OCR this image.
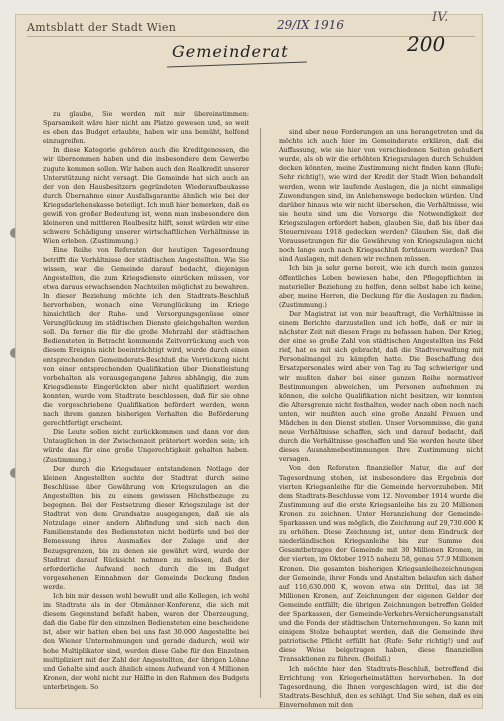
Amtsblatt der Stadt Wien	29/IX 1916	IV.
200
Gemeinderat

zu glaube, Sie werden mit mir übereinstimmen: Sparsamkeit wäre hier nicht am Platze gewesen und, so weit es eben das Budget erlaubte, haben wir uns bemüht, helfend einzugreifen.

In diese Kategorie gehören auch die Kreditgenossen, die wir übernommen haben und die insbesondere dem Gewerbe zugute kommen sollen. Wir haben auch den Realkredit unserer Unterstützung nicht versagt. Die Gemeinde hat sich auch an der von den Hausbesitzern gegründeten Wiederaufbaukasse durch Übernahme einer Ausfallsgarantie ähnlich wie bei der Kriegsdarlehenskasse beteiligt. Ich muß hier bemerken, daß es gewiß von großer Bedeutung ist, wenn man insbesondere den kleineren und mittleren Realbesitz hilft, sonst würden wir eine schwere Schädigung unserer wirtschaftlichen Verhältnisse in Wien erleben. (Zustimmung.)

Eine Reihe von Referaten der heutigen Tagesordnung betrifft die Verhältnisse der städtischen Angestellten. Wie Sie wissen, war die Gemeinde darauf bedacht, diejenigen Angestellten, die zum Kriegsdienste einrücken müssen, vor etwa daraus erwachsenden Nachteilen möglichst zu bewahren. In dieser Beziehung möchte ich den Stadtrats-Beschluß hervorheben, wonach eine Verunglückung im Kriege hinsichtlich der Ruhe- und Versorgungsgenüsse einer Verunglückung im städtischen Dienste gleichgehalten werden soll. Da ferner die für die große Mehrzahl der städtischen Bediensteten in Betracht kommende Zeitvorrückung auch von diesem Ereignis nicht beeinträchtigt wird, wurde durch einen entsprechenden Gemeinderats-Beschluß die Vorrückung nicht von einer entsprechenden Qualifikation über Dienstleistung vorbehalten als vorausgegangene Jahres abhängig, die zum Kriegsdienste Eingerückten aber nicht qualifiziert werden konnten, wurde vom Stadtrate beschlossen, daß für sie ohne die vorgeschriebene Qualifikation befördert werden, wenn nach ihrem ganzen bisherigen Verhalten die Beförderung gerechtfertigt erscheint.

Die Leute sollen nicht zurückkommen und dann vor den Untauglichen in der Zwischenzeit präteriert worden sein; ich würde das für eine große Ungerechtigkeit gehalten haben. (Zustimmung.)

Der durch die Kriegsdauer entstandenen Notlage der kleinen Angestellten suchte der Stadtrat durch seine Beschlüsse über Gewährung von Kriegszulagen an die Angestellten bis zu einem gewissen Höchstbezuge zu begegnen. Bei der Festsetzung dieser Kriegszulage ist der Stadtrat von dem Grundsatze ausgegangen, daß sie als Notzulage einer andern Abfindung und sich nach den Familienstande des Bediensteten nicht bedürfe und bei der Bemessung ihres Ausmaßes der Zulage und der Bezugsgrenzen, bis zu denen sie gewährt wird, wurde der Stadtrat darauf Rücksicht nehmen zu müssen, daß der erforderliche Aufwand noch durch die im Budget vorgesehenen Einnahmen der Gemeinde Deckung finden werde.

Ich bin mir dessen wohl bewußt und alle Kollegen, ich wohl im Stadtrate als in der Obmänner-Konferenz, die sich mit diesem Gegenstand befaßt haben, waren der Überzeugung, daß die Gabe für den einzelnen Bediensteten eine bescheidene ist, aber wir hatten eben bei uns fast 30.000 Angestellte bei den Wiener Unternehmungen und gerade dadurch, weil wir hohe Multiplikator sind, werden diese Gabe für den Einzelnen multipliziert mit der Zahl der Angestellten, der übrigen Löhne und Gehalte sind auch ähnlich einem Aufwand von 4 Millionen Kronen, der wohl nicht zur Hälfte in den Rahmen des Budgets unterbringen. So

sind aber neue Forderungen an uns herangetreten und da möchte ich auch hier im Gemeinderate erklären, daß die Auffassung, wie sie hier von verschiedenen Seiten geäußert wurde, als ob wir die erhöhten Kriegszulagen durch Schulden decken könnten, meine Zustimmung nicht finden kann (Rufe: Sehr richtig!), wie wird der Kredit der Stadt Wien behandelt werden, wenn wir laufende Auslagen, die ja nicht einmalige Zuwendungen sind, im Anlehenswege bedecken würden. Und darüber hinaus wie wir nicht übersehen, die Verhältnisse, wie sie heute sind um die Vorsorge die Notwendigkeit der Kriegszulagen erfordert haben, glauben Sie, daß bis über das Steuerniveau 1918 gedecken werden? Glauben Sie, daß die Voraussetzungen für die Gewährung von Kriegszulagen nicht noch lange auch nach Kriegsschluß fortdauern werden? Das sind Auslagen, mit denen wir rechnen müssen.

Ich bin ja sehr gerne bereit, wie ich durch mein ganzes öffentliches Leben bewiesen habe, den Pflegepflichten in materieller Beziehung zu helfen, denn selbst habe ich keine, aber, meine Herren, die Deckung für die Auslagen zu finden. (Zustimmung.)

Der Magistrat ist von mir beauftragt, die Verhältnisse in einem Berichte darzustellen und ich hoffe, daß er mir in nächster Zeit mit diesen Frage zu befassen haben. Der Krieg, der eine so große Zahl von städtischen Angestellten ins Feld rief, hat es mit sich gebracht, daß die Stadtverwaltung mit Personalmangel zu kämpfen hatte. Die Beschaffung des Ersatzpersonales wird aber von Tag zu Tag schwieriger und wir mußten daher bei einer ganzen Reihe normativer Bestimmungen abweichen, um Personen aufnehmen zu können, die solche Qualifikation nicht besitzen, wir konnten die Altersgrenze nicht festhalten, weder nach oben noch nach unten, wir mußten auch eine große Anzahl Frauen und Mädchen in den Dienst stellen. Unser Vorsommisse, die ganz neue Verhältnisse schaffen, sich und darauf bedacht, daß durch die Verhältnisse geschaffen und Sie werden heute über dieses Ausnahmebestimmungen Ihre Zustimmung nicht versagen.

Von den Referaten finanzieller Natur, die auf der Tagesordnung stehen, ist insbesondere das Ergebnis der vierten Kriegsanleihe für die Gemeinde hervorzuheben. Mit dem Stadtrats-Beschlusse vom 12. November 1914 wurde die Zustimmung auf die erste Kriegsanleihe bis zu 20 Millionen Kronen zu zeichnen. Unter Heranziehung der Gemeinde-Sparkassen und was möglich, die Zeichnung auf 29,730.600 K zu erhöhen. Diese Zeichnung ist, unter dem Eindruck der niederländischen Kriegsanleihe bis zur Summe des Gesamtbetrages der Gemeinde mit 30 Millionen Kronen, in der vierten, im Oktober 1915 nahezu 58, genau 57.9 Millionen Kronen. Die gesamten bisherigen Kriegsanleihezeichnungen der Gemeinde, ihrer Fonds und Anstalten belaufen sich daher auf 116,630.000 K, wovon etwa ein Drittel, das ist 38 Millionen Kronen, auf Zeichnungen der eigenen Gelder der Gemeinde entfällt; die übrigen Zeichnungen betreffen Gelder der Sparkassen, der Gemeinde-Verkehrs-Versicherungsanstalt und die Fonds der städtischen Unternehmungen. So kann mit einigem Stolze behauptet werden, daß die Gemeinde ihre patriotische Pflicht erfüllt hat (Rufe: Sehr richtig!) und auf diese Weise beigetragen haben, diese finanziellen Transaktionen zu führen. (Beifall.)

Ich möchte hier den Stadtrats-Beschluß, betreffend die Errichtung von Kriegerheimstätten hervorheben. In der Tagesordnung, die Ihnen vorgeschlagen wird, ist die der Stadtrats-Beschluß, den es schlägt. Und Sie sehen, daß es ein Einvernehmen mit den
